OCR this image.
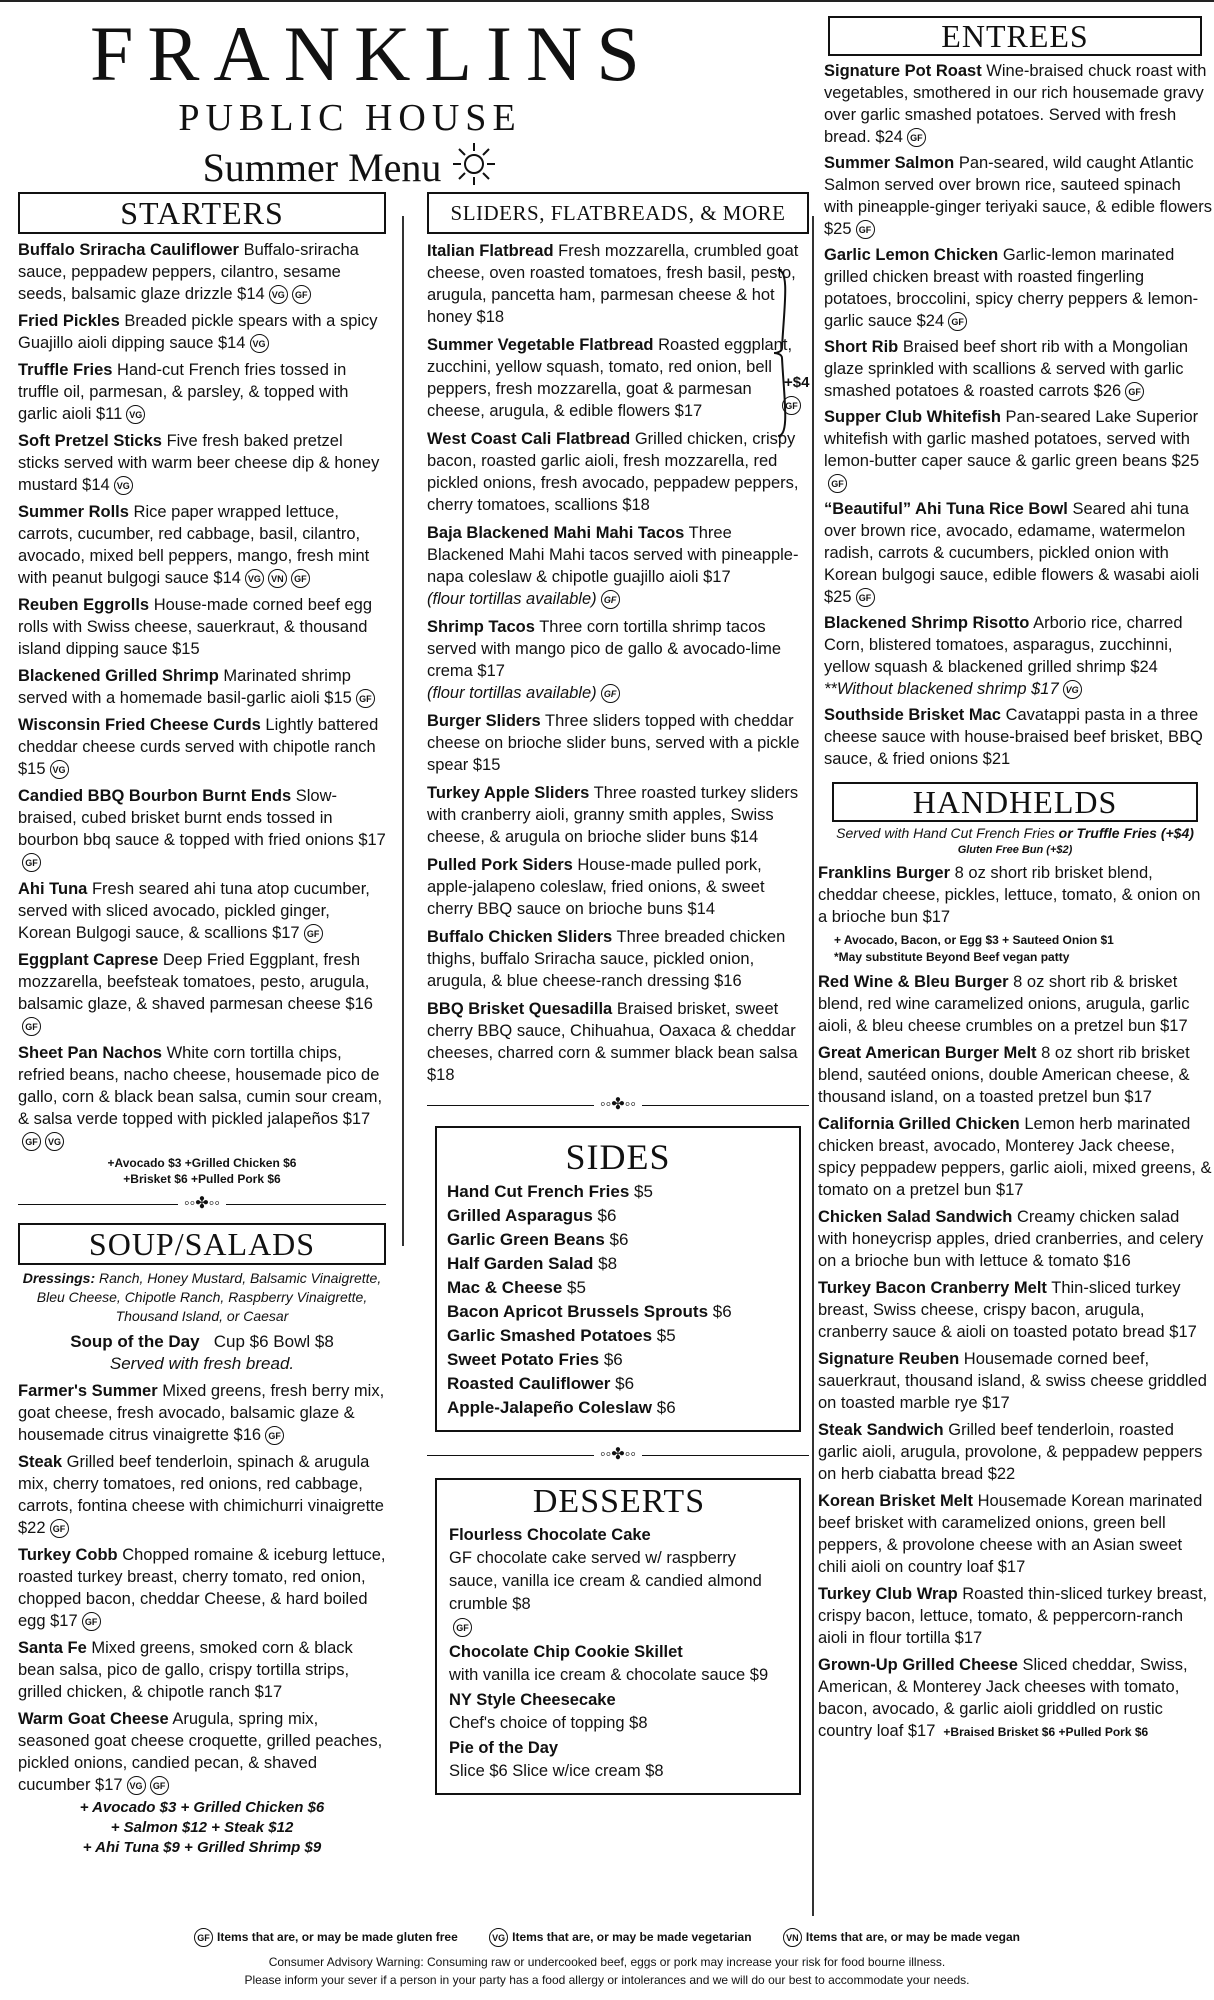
FRANKLINS
PUBLIC HOUSE
Summer Menu
STARTERS
Buffalo Sriracha Cauliflower Buffalo-sriracha sauce, peppadew peppers, cilantro, sesame seeds, balsamic glaze drizzle $14 VG GF
Fried Pickles Breaded pickle spears with a spicy Guajillo aioli dipping sauce $14 VG
Truffle Fries Hand-cut French fries tossed in truffle oil, parmesan, & parsley, & topped with garlic aioli $11 VG
Soft Pretzel Sticks Five fresh baked pretzel sticks served with warm beer cheese dip & honey mustard $14 VG
Summer Rolls Rice paper wrapped lettuce, carrots, cucumber, red cabbage, basil, cilantro, avocado, mixed bell peppers, mango, fresh mint with peanut bulgogi sauce $14 VG VN GF
Reuben Eggrolls House-made corned beef egg rolls with Swiss cheese, sauerkraut, & thousand island dipping sauce $15
Blackened Grilled Shrimp Marinated shrimp served with a homemade basil-garlic aioli $15 GF
Wisconsin Fried Cheese Curds Lightly battered cheddar cheese curds served with chipotle ranch $15 VG
Candied BBQ Bourbon Burnt Ends Slow-braised, cubed brisket burnt ends tossed in bourbon bbq sauce & topped with fried onions $17GF
Ahi Tuna Fresh seared ahi tuna atop cucumber, served with sliced avocado, pickled ginger, Korean Bulgogi sauce, & scallions $17 GF
Eggplant Caprese Deep Fried Eggplant, fresh mozzarella, beefsteak tomatoes, pesto, arugula, balsamic glaze, & shaved parmesan cheese $16GF
Sheet Pan Nachos White corn tortilla chips, refried beans, nacho cheese, housemade pico de gallo, corn & black bean salsa, cumin sour cream, & salsa verde topped with pickled jalapeños $17GF VG
+Avocado $3 +Grilled Chicken $6
+Brisket $6 +Pulled Pork $6
◦◦✤◦◦
SOUP/SALADS
Dressings: Ranch, Honey Mustard, Balsamic Vinaigrette, Bleu Cheese, Chipotle Ranch, Raspberry Vinaigrette, Thousand Island, or Caesar
Soup of the Day Cup $6 Bowl $8
Served with fresh bread.
Farmer's Summer Mixed greens, fresh berry mix, goat cheese, fresh avocado, balsamic glaze & housemade citrus vinaigrette $16 GF
Steak Grilled beef tenderloin, spinach & arugula mix, cherry tomatoes, red onions, red cabbage, carrots, fontina cheese with chimichurri vinaigrette $22 GF
Turkey Cobb Chopped romaine & iceburg lettuce, roasted turkey breast, cherry tomato, red onion, chopped bacon, cheddar Cheese, & hard boiled egg $17 GF
Santa Fe Mixed greens, smoked corn & black bean salsa, pico de gallo, crispy tortilla strips, grilled chicken, & chipotle ranch $17
Warm Goat Cheese Arugula, spring mix, seasoned goat cheese croquette, grilled peaches, pickled onions, candied pecan, & shaved cucumber $17 VG GF
+ Avocado $3 + Grilled Chicken $6
+ Salmon $12 + Steak $12
+ Ahi Tuna $9 + Grilled Shrimp $9
SLIDERS, FLATBREADS, & MORE
Italian Flatbread Fresh mozzarella, crumbled goat cheese, oven roasted tomatoes, fresh basil, pesto, arugula, pancetta ham, parmesan cheese & hot honey $18
Summer Vegetable Flatbread Roasted eggplant, zucchini, yellow squash, tomato, red onion, bell peppers, fresh mozzarella, goat & parmesan cheese, arugula, & edible flowers $17
West Coast Cali Flatbread Grilled chicken, crispy bacon, roasted garlic aioli, fresh mozzarella, red pickled onions, fresh avocado, peppadew peppers, cherry tomatoes, scallions $18
Baja Blackened Mahi Mahi Tacos Three Blackened Mahi Mahi tacos served with pineapple-napa coleslaw & chipotle guajillo aioli $17
(flour tortillas available) GF
Shrimp Tacos Three corn tortilla shrimp tacos served with mango pico de gallo & avocado-lime crema $17
(flour tortillas available) GF
Burger Sliders Three sliders topped with cheddar cheese on brioche slider buns, served with a pickle spear $15
Turkey Apple Sliders Three roasted turkey sliders with cranberry aioli, granny smith apples, Swiss cheese, & arugula on brioche slider buns $14
Pulled Pork Siders House-made pulled pork, apple-jalapeno coleslaw, fried onions, & sweet cherry BBQ sauce on brioche buns $14
Buffalo Chicken Sliders Three breaded chicken thighs, buffalo Sriracha sauce, pickled onion, arugula, & blue cheese-ranch dressing $16
BBQ Brisket Quesadilla Braised brisket, sweet cherry BBQ sauce, Chihuahua, Oaxaca & cheddar cheeses, charred corn & summer black bean salsa $18
◦◦✤◦◦
SIDES
Hand Cut French Fries $5
Grilled Asparagus $6
Garlic Green Beans $6
Half Garden Salad $8
Mac & Cheese $5
Bacon Apricot Brussels Sprouts $6
Garlic Smashed Potatoes $5
Sweet Potato Fries $6
Roasted Cauliflower $6
Apple-Jalapeño Coleslaw $6
◦◦✤◦◦
DESSERTS
Flourless Chocolate Cake
GF chocolate cake served w/ raspberry sauce, vanilla ice cream & candied almond crumble $8
GF
Chocolate Chip Cookie Skillet
with vanilla ice cream & chocolate sauce $9
NY Style Cheesecake
Chef's choice of topping $8
Pie of the Day
Slice $6 Slice w/ice cream $8
+$4
GF
ENTREES
Signature Pot Roast Wine-braised chuck roast with vegetables, smothered in our rich housemade gravy over garlic smashed potatoes. Served with fresh bread. $24 GF
Summer Salmon Pan-seared, wild caught Atlantic Salmon served over brown rice, sauteed spinach with pineapple-ginger teriyaki sauce, & edible flowers $25 GF
Garlic Lemon Chicken Garlic-lemon marinated grilled chicken breast with roasted fingerling potatoes, broccolini, spicy cherry peppers & lemon-garlic sauce $24 GF
Short Rib Braised beef short rib with a Mongolian glaze sprinkled with scallions & served with garlic smashed potatoes & roasted carrots $26 GF
Supper Club Whitefish Pan-seared Lake Superior whitefish with garlic mashed potatoes, served with lemon-butter caper sauce & garlic green beans $25GF
“Beautiful” Ahi Tuna Rice Bowl Seared ahi tuna over brown rice, avocado, edamame, watermelon radish, carrots & cucumbers, pickled onion with Korean bulgogi sauce, edible flowers & wasabi aioli $25 GF
Blackened Shrimp Risotto Arborio rice, charred Corn, blistered tomatoes, asparagus, zucchinni, yellow squash & blackened grilled shrimp $24
**Without blackened shrimp $17 VG
Southside Brisket Mac Cavatappi pasta in a three cheese sauce with house-braised beef brisket, BBQ sauce, & fried onions $21
HANDHELDS
Served with Hand Cut French Fries or Truffle Fries (+$4)
Gluten Free Bun (+$2)
Franklins Burger 8 oz short rib brisket blend, cheddar cheese, pickles, lettuce, tomato, & onion on a brioche bun $17
+ Avocado, Bacon, or Egg $3 + Sauteed Onion $1
*May substitute Beyond Beef vegan patty
Red Wine & Bleu Burger 8 oz short rib & brisket blend, red wine caramelized onions, arugula, garlic aioli, & bleu cheese crumbles on a pretzel bun $17
Great American Burger Melt 8 oz short rib brisket blend, sautéed onions, double American cheese, & thousand island, on a toasted pretzel bun $17
California Grilled Chicken Lemon herb marinated chicken breast, avocado, Monterey Jack cheese, spicy peppadew peppers, garlic aioli, mixed greens, & tomato on a pretzel bun $17
Chicken Salad Sandwich Creamy chicken salad with honeycrisp apples, dried cranberries, and celery on a brioche bun with lettuce & tomato $16
Turkey Bacon Cranberry Melt Thin-sliced turkey breast, Swiss cheese, crispy bacon, arugula, cranberry sauce & aioli on toasted potato bread $17
Signature Reuben Housemade corned beef, sauerkraut, thousand island, & swiss cheese griddled on toasted marble rye $17
Steak Sandwich Grilled beef tenderloin, roasted garlic aioli, arugula, provolone, & peppadew peppers on herb ciabatta bread $22
Korean Brisket Melt Housemade Korean marinated beef brisket with caramelized onions, green bell peppers, & provolone cheese with an Asian sweet chili aioli on country loaf $17
Turkey Club Wrap Roasted thin-sliced turkey breast, crispy bacon, lettuce, tomato, & peppercorn-ranch aioli in flour tortilla $17
Grown-Up Grilled Cheese Sliced cheddar, Swiss, American, & Monterey Jack cheeses with tomato, bacon, avocado, & garlic aioli griddled on rustic country loaf $17 +Braised Brisket $6 +Pulled Pork $6
GF Items that are, or may be made gluten free	VG Items that are, or may be made vegetarian	VN Items that are, or may be made vegan
Consumer Advisory Warning: Consuming raw or undercooked beef, eggs or pork may increase your risk for food bourne illness.
Please inform your sever if a person in your party has a food allergy or intolerances and we will do our best to accommodate your needs.
